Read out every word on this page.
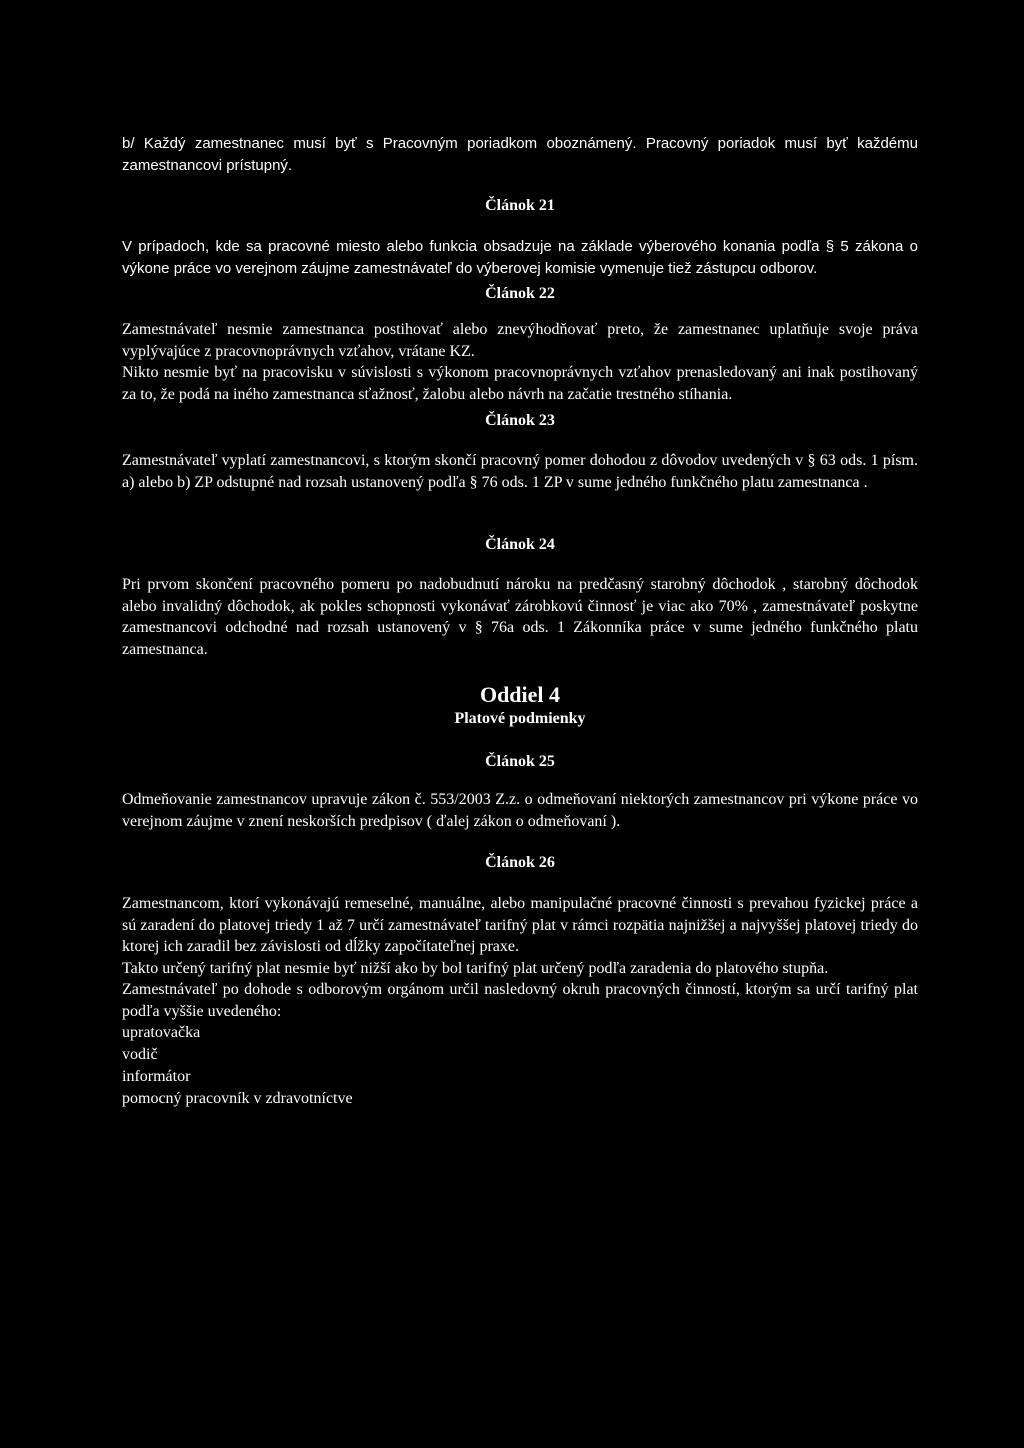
b/ Každý zamestnanec musí byť s Pracovným poriadkom oboznámený. Pracovný poriadok musí byť každému zamestnancovi prístupný.

Článok 21

V prípadoch, kde sa pracovné miesto alebo funkcia obsadzuje na základe výberového konania podľa § 5 zákona o výkone práce vo verejnom záujme zamestnávateľ do výberovej komisie vymenuje tiež zástupcu odborov.

Článok 22

Zamestnávateľ nesmie zamestnanca postihovať alebo znevýhodňovať preto, že zamestnanec uplatňuje svoje práva vyplývajúce z pracovnoprávnych vzťahov, vrátane KZ.

Nikto nesmie byť na pracovisku v súvislosti s výkonom pracovnoprávnych vzťahov prenasledovaný ani inak postihovaný za to, že podá na iného zamestnanca sťažnosť, žalobu alebo návrh na začatie trestného stíhania.

Článok 23

Zamestnávateľ vyplatí zamestnancovi, s ktorým skončí pracovný pomer dohodou z dôvodov uvedených v § 63 ods. 1 písm. a) alebo b) ZP odstupné nad rozsah ustanovený podľa § 76 ods. 1 ZP v sume jedného funkčného platu zamestnanca .

Článok 24

Pri prvom skončení pracovného pomeru po nadobudnutí nároku na predčasný starobný dôchodok , starobný dôchodok alebo invalidný dôchodok, ak pokles schopnosti vykonávať zárobkovú činnosť je viac ako 70% , zamestnávateľ poskytne zamestnancovi odchodné nad rozsah ustanovený v § 76a ods. 1 Zákonníka práce v sume jedného funkčného platu zamestnanca.

Oddiel 4
Platové podmienky
Článok 25

Odmeňovanie zamestnancov upravuje zákon č. 553/2003 Z.z. o odmeňovaní niektorých zamestnancov pri výkone práce vo verejnom záujme v znení neskorších predpisov ( ďalej zákon o odmeňovaní ).

Článok 26

Zamestnancom, ktorí vykonávajú remeselné, manuálne, alebo manipulačné pracovné činnosti s prevahou fyzickej práce a sú zaradení do platovej triedy 1 až 7 určí zamestnávateľ tarifný plat v rámci rozpätia najnižšej a najvyššej platovej triedy do ktorej ich zaradil bez závislosti od dĺžky započítateľnej praxe.

Takto určený tarifný plat nesmie byť nižší ako by bol tarifný plat určený podľa zaradenia do platového stupňa.

Zamestnávateľ po dohode s odborovým orgánom určil nasledovný okruh pracovných činností, ktorým sa určí tarifný plat podľa vyššie uvedeného:

upratovačka
vodič
informátor
pomocný pracovník v zdravotníctve
